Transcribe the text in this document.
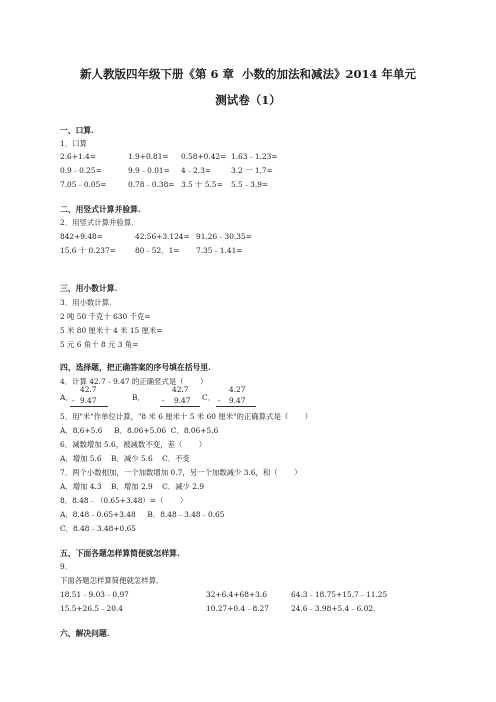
新人教版四年级下册《第 6 章  小数的加法和减法》2014 年单元
测试卷（1）
一、口算.
1．口算
2.6+1.4=	1.9+0.81= 0.58+0.42= 1.63﹣1.23=
0.9﹣0.25=	9.9﹣0.01= 4﹣2.3=	3.2 一 1.7=
7.05﹣0.05=	0.78﹣0.38= 3.5 十 5.5= 5.5﹣3.9=
二、用竖式计算并验算.
2．用竖式计算并验算．
842+9.48=	42.56+3.124= 91.26﹣30.35=
15.6 十 0.237=	80﹣52．1= 7.35﹣1.41=
三、用小数计算.
3．用小数计算．
2 吨 50 千克十 630 千克=
5 米 80 厘米十 4 米 15 厘米=
5 元 6 角十 8 元 3 角=
四、选择题，把正确答案的序号填在括号里.
4．计算 42.7﹣9.47 的正确竖式是（       ）
A．
42.7
- 9.47	B．
42.7
- 9.47 C．
4.27
- 9.47
5．用"米"作单位计算，"8 米 6 厘米十 5 米 60 厘米"的正确算式是（       ）
A．8.6+5.6     B．8.06+5.06  C．8.06+5.6
6．减数增加 5.6，被减数不变，差（       ）
A．增加 5.6    B．减少 5.6    C．不变
7．两个小数相加，一个加数增加 0.7，另一个加数减少 3.6，和（       ）
A．增加 4.3    B．增加 2.9    C．减少 2.9
8．8.48﹣（0.65+3.48）=（       ）
A．8.48﹣0.65+3.48     B．8.48﹣3.48﹣0.65
C．8.48﹣3.48+0.65
五、下面各题怎样算简便就怎样算.
9．
下面各题怎样算简便就怎样算．
18.51﹣9.03﹣0.97	32+6.4+68+3.6	64.3﹣18.75+15.7﹣11.25
15.5+26.5﹣20.4	10.27+0.4﹣8.27	24.6﹣3.98+5.4﹣6.02．
六、解决问题.
